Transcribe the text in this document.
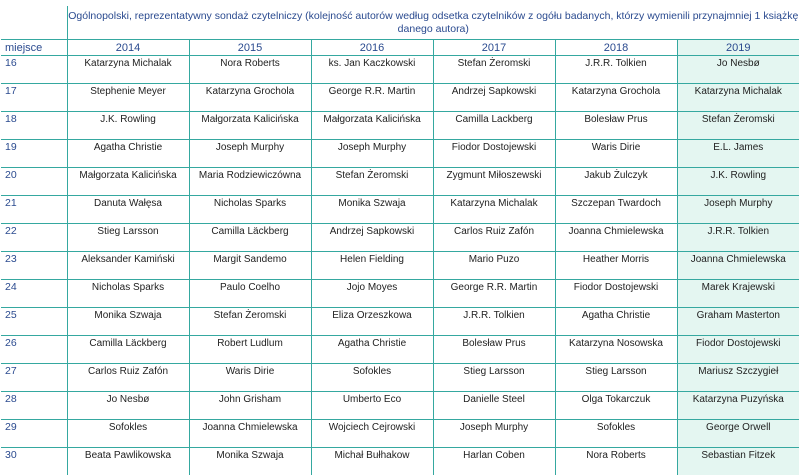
	Ogólnopolski, reprezentatywny sondaż czytelniczy (kolejność autorów według odsetka czytelników z ogółu badanych, którzy wymienili przynajmniej 1 książkę danego autora)					
miejsce	2014	2015	2016	2017	2018	2019
16	Katarzyna Michalak	Nora Roberts	ks. Jan Kaczkowski	Stefan Żeromski	J.R.R. Tolkien	Jo Nesbø
17	Stephenie Meyer	Katarzyna Grochola	George R.R. Martin	Andrzej Sapkowski	Katarzyna Grochola	Katarzyna Michalak
18	J.K. Rowling	Małgorzata Kalicińska	Małgorzata Kalicińska	Camilla Lackberg	Bolesław Prus	Stefan Żeromski
19	Agatha Christie	Joseph Murphy	Joseph Murphy	Fiodor Dostojewski	Waris Dirie	E.L. James
20	Małgorzata Kalicińska	Maria Rodziewiczówna	Stefan Żeromski	Zygmunt Miłoszewski	Jakub Żulczyk	J.K. Rowling
21	Danuta Wałęsa	Nicholas Sparks	Monika Szwaja	Katarzyna Michalak	Szczepan Twardoch	Joseph Murphy
22	Stieg Larsson	Camilla Läckberg	Andrzej Sapkowski	Carlos Ruiz Zafón	Joanna Chmielewska	J.R.R. Tolkien
23	Aleksander Kamiński	Margit Sandemo	Helen Fielding	Mario Puzo	Heather Morris	Joanna Chmielewska
24	Nicholas Sparks	Paulo Coelho	Jojo Moyes	George R.R. Martin	Fiodor Dostojewski	Marek Krajewski
25	Monika Szwaja	Stefan Żeromski	Eliza Orzeszkowa	J.R.R. Tolkien	Agatha Christie	Graham Masterton
26	Camilla Läckberg	Robert Ludlum	Agatha Christie	Bolesław Prus	Katarzyna Nosowska	Fiodor Dostojewski
27	Carlos Ruiz Zafón	Waris Dirie	Sofokles	Stieg Larsson	Stieg Larsson	Mariusz Szczygieł
28	Jo Nesbø	John Grisham	Umberto Eco	Danielle Steel	Olga Tokarczuk	Katarzyna Puzyńska
29	Sofokles	Joanna Chmielewska	Wojciech Cejrowski	Joseph Murphy	Sofokles	George Orwell
30	Beata Pawlikowska	Monika Szwaja	Michał Bułhakow	Harlan Coben	Nora Roberts	Sebastian Fitzek
